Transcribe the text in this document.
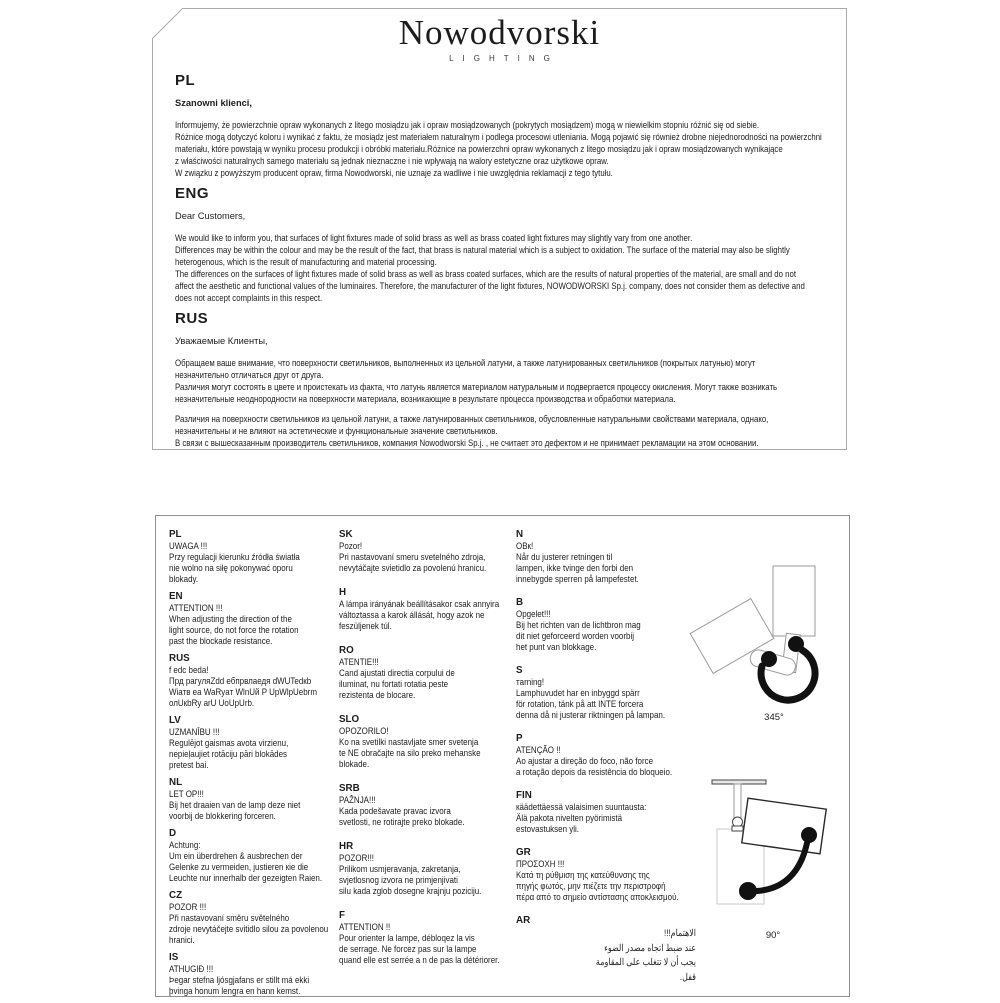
Nowodvorski
LIGHTING
PL
Szanowni klienci,
Informujemy, że powierzchnie opraw wykonanych z litego mosiądzu jak i opraw mosiądzowanych (pokrytych mosiądzem) mogą w niewielkim stopniu różnić się od siebie.
Różnice mogą dotyczyć koloru i wynikać z faktu, że mosiądz jest materiałem naturalnym i podlega procesowi utleniania. Mogą pojawić się również drobne niejednorodności na powierzchni
materiału, które powstają w wyniku procesu produkcji i obróbki materiału.Różnice na powierzchni opraw wykonanych z litego mosiądzu jak i opraw mosiądzowanych wynikające
z właściwości naturalnych samego materiału są jednak nieznaczne i nie wpływają na walory estetyczne oraz użytkowe opraw.
W związku z powyższym producent opraw, firma Nowodworski, nie uznaje za wadliwe i nie uwzględnia reklamacji z tego tytułu.
ENG
Dear Customers,
We would like to inform you, that surfaces of light fixtures made of solid brass as well as brass coated light fixtures may slightly vary from one another.
Differences may be within the colour and may be the result of the fact, that brass is natural material which is a subject to oxidation. The surface of the material may also be slightly
heterogenous, which is the result of manufacturing and material processing.
The differences on the surfaces of light fixtures made of solid brass as well as brass coated surfaces, which are the results of natural properties of the material, are small and do not
affect the aesthetic and functional values of the luminaires. Therefore, the manufacturer of the light fixtures, NOWODWORSKI Sp.j. company, does not consider them as defective and
does not accept complaints in this respect.
RUS
Уважаемые Клиенты,
Обращаем ваше внимание, что поверхности светильников, выполненных из цельной латуни, а также латунированных светильников (покрытых латунью) могут
незначительно отличаться друг от друга.
Различия могут состоять в цвете и проистекать из факта, что латунь является материалом натуральным и подвергается процессу окисления. Могут также возникать
незначительные неоднородности на поверхности материала, возникающие в результате процесса производства и обработки материала.
Различия на поверхности светильников из цельной латуни, а также латунированных светильников, обусловленные натуральными свойствами материала, однако,
незначительны и не влияют на эстетические и функциональные значение светильников.
В связи с вышесказанным производитель светильников, компания Nowodworski Sp.j. , не считает это дефектом и не принимает рекламации на этом основании.
PL
UWAGA !!!
Przy regulacji kierunku źródła światła
nie wolno na siłę pokonywać oporu
blokady.
EN
ATTENTION !!!
When adjusting the direction of the
light source, do not force the rotation
past the blockade resistance.
RUS
f edc beda!
Прд рагуляZdd ебпрвлаедя dWUTedкb
Wiатв ea WaRyaт WlnUй P UpWlpUebrm
олUкbRy arU UoUpUrb.
LV
UZMANĪBU !!!
Regulējot gaismas avota virzienu,
nepieļaujiet rotāciju pāri blokādes
pretest bai.
NL
LET OP!!!
Bij het draaien van de lamp deze niet
voorbij de blokkering forceren.
D
Achtung:
Um ein überdrehen & ausbrechen der
Gelenke zu vermeiden, justieren кie die
Leuchte nur innerhalb der gezeigten Raien.
CZ
POZOR !!!
Při nastavovaní směru světelného
zdroje nevytáčejte svitidlo silou za povolenou
hranici.
IS
ATHUGIÐ !!!
Þegar stefna ljósgjafans er stillt má ekki
þvinga honum lengra en hann kemst.
SK
Pozor!
Pri nastavovaní smeru svetelného zdroja,
nevytáčajte svietidlo za povolenú hranicu.
H
A lámpa irányának beállításakor csak annyira
változtassa a karok állását, hogy azok ne
feszüljenek túl.
RO
ATENTIE!!!
Cand ajustati directia corpului de
iluminat, nu fortati rotatia peste
rezistenta de blocare.
SLO
OPOZORILO!
Ko na svetilki nastavljate smer svetenja
te NE obračajte na silo preko mehanske
blokade.
SRB
PAŽNJA!!!
Kada podešavate pravac izvora
svetlosti, ne rotirajte preko blokade.
HR
POZOR!!!
Prilikom usmjeravanja, zakretanja,
svjetlosnog izvora ne primjenjivati
silu kada zglob dosegne krajnju poziciju.
F
ATTENTION !!
Pour orienter la lampe, débloqez la vis
de serrage. Ne forcez pas sur la lampe
quand elle est serrée a n de pas la détériorer.
N
OBк!
Når du justerer retningen til
lampen, ikke tvinge den forbi den
innebygde sperren på lampefestet.
B
Opgelet!!!
Bij het richten van de lichtbron mag
dit niet geforceerd worden voorbij
het punt van blokkage.
S
тarning!
Lamphuvudet har en inbyggd spärr
för rotation, tänk på att INTE forcera
denna då ni justerar riktningen på lampan.
P
ATENÇÃO !!
Ao ajustar a direção do foco, não force
a rotação depois da resistência do bloqueio.
FIN
кäädettäessä valaisimen suuntausta:
Älä pakota nivelten pyörimistä
estovastuksen yli.
GR
ΠΡΟΣΟΧΗ !!!
Κατά τη ρύθμιση της κατεύθυνσης της
πηγής φωτός, μην πιέζετε την περιστροφή
πέρα από το σημείο αντίστασης αποκλεισμού.
AR
الاهتمام!!!
عند ضبط اتجاه مصدر الضوء
يجب أن لا تتغلب على المقاومة
قفل.
345°
90°
